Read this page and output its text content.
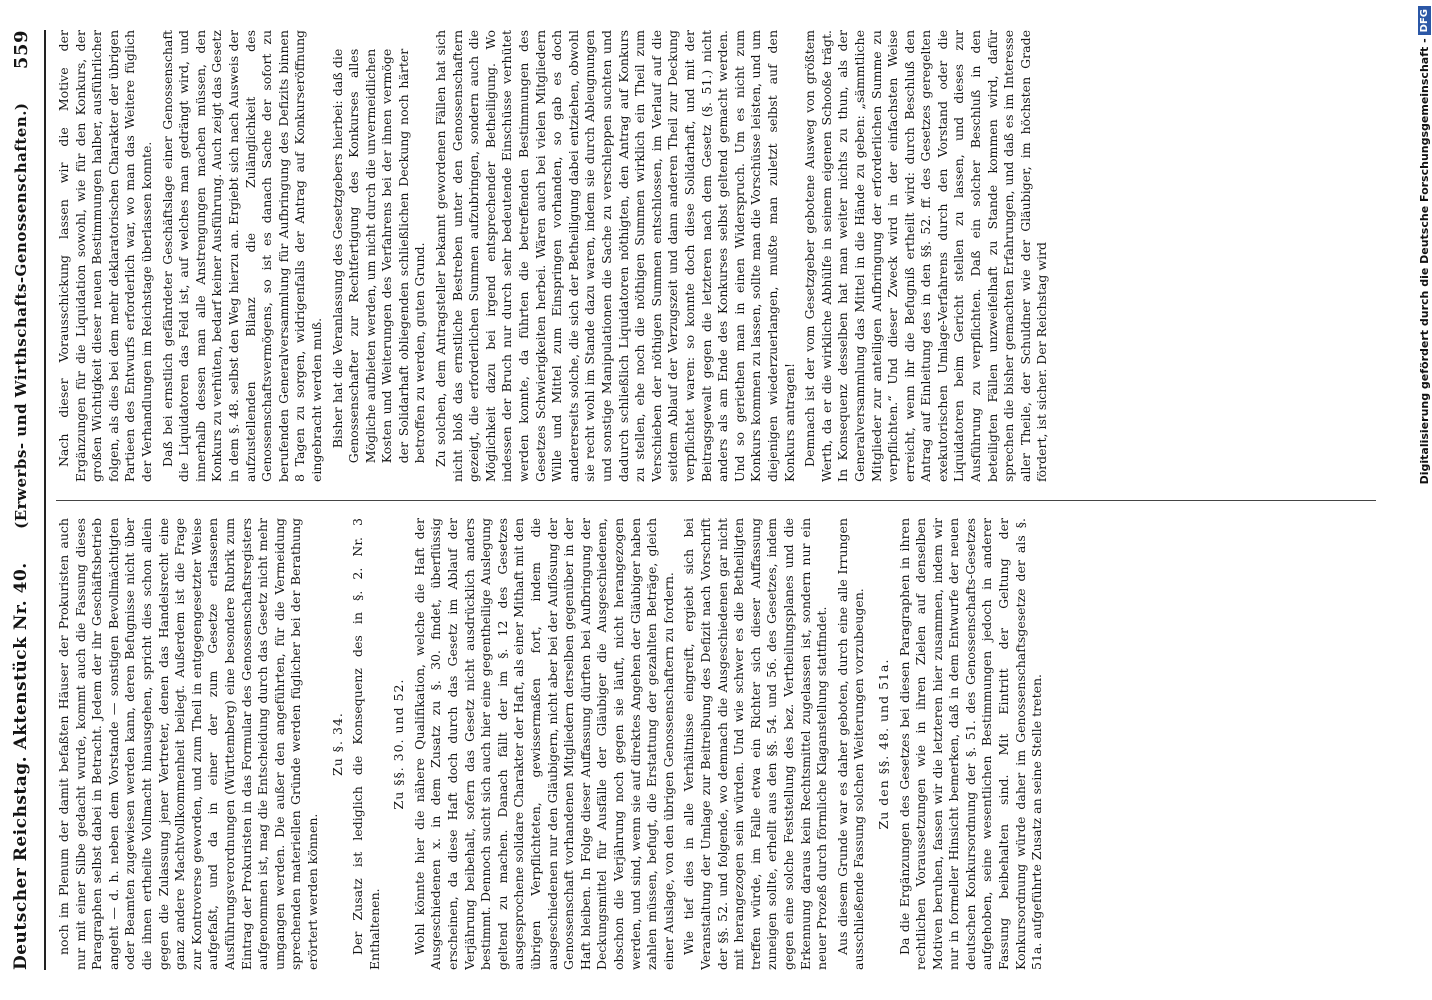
Deutscher Reichstag. Aktenstück Nr. 40.
(Erwerbs- und Wirthschafts-Genossenschaften.)
559

noch im Plenum der damit befaßten Häuser der Prokuristen auch nur mit einer Silbe gedacht wurde, kommt auch die Fassung dieses Paragraphen selbst dabei in Betracht. Jedem der ihr Geschäftsbetrieb angeht — d. h. neben dem Vorstande — sonstigen Bevollmächtigten oder Beamten zugewiesen werden kann, deren Befugnisse nicht über die ihnen ertheilte Vollmacht hinausgehen, spricht dies schon allein gegen die Zulassung jener Vertreter, denen das Handelsrecht eine ganz andere Machtvollkommenheit beilegt. Außerdem ist die Frage zur Kontroverse geworden, und zum Theil in entgegengesetzter Weise aufgefaßt, und da in einer der zum Gesetze erlassenen Ausführungsverordnungen (Württemberg) eine besondere Rubrik zum Eintrag der Prokuristen in das Formular des Genossenschaftsregisters aufgenommen ist, mag die Entscheidung durch das Gesetz nicht mehr umgangen werden. Die außer den angeführten, für die Vermeidung sprechenden materiellen Gründe werden füglicher bei der Berathung erörtert werden können.

Zu §. 34. Der Zusatz ist lediglich die Konsequenz des in §. 2. Nr. 3 Enthaltenen.

Zu §§. 30. und 52. Wohl könnte hier die nähere Qualifikation, welche die Haft der Ausgeschiedenen x. in dem Zusatz zu §. 30. findet, überflüssig erscheinen, da diese Haft doch durch das Gesetz im Ablauf der Verjährung beibehalt, sofern das Gesetz nicht ausdrücklich anders bestimmt. Dennoch sucht sich auch hier eine gegentheilige Auslegung geltend zu machen. Danach fällt der im §. 12 des Gesetzes ausgesprochene solidare Charakter der Haft, als einer Mithaft mit den übrigen Verpflichteten, gewissermaßen fort, indem die ausgeschiedenen nur den Gläubigern, nicht aber bei der Auflösung der Genossenschaft vorhandenen Mitgliedern derselben gegenüber in der Haft bleiben. In Folge dieser Auffassung dürften bei Aufbringung der Deckungsmittel für Ausfälle der Gläubiger die Ausgeschiedenen, obschon die Verjährung noch gegen sie läuft, nicht herangezogen werden, und sind, wenn sie auf direktes Angehen der Gläubiger haben zahlen müssen, befugt, die Erstattung der gezahlten Beträge, gleich einer Auslage, von den übrigen Genossenschaftern zu fordern. Wie tief dies in alle Verhältnisse eingreift, ergiebt sich bei Veranstaltung der Umlage zur Beitreibung des Defizit nach Vorschrift der §§. 52. und folgende, wo demnach die Ausgeschiedenen gar nicht mit herangezogen sein würden. Und wie schwer es die Betheiligten treffen würde, im Falle etwa ein Richter sich dieser Auffassung zuneigen sollte, erhellt aus den §§. 54. und 56. des Gesetzes, indem gegen eine solche Feststellung des bez. Vertheilungsplanes und die Erkennung daraus kein Rechtsmittel zugelassen ist, sondern nur ein neuer Prozeß durch förmliche Klaganstellung stattfindet. Aus diesem Grunde war es daher geboten, durch eine alle Irrungen ausschließende Fassung solchen Weiterungen vorzubeugen. Zu den §§. 48. und 51a. Da die Ergänzungen des Gesetzes bei diesen Paragraphen in ihren rechtlichen Voraussetzungen wie in ihren Zielen auf denselben Motiven beruhen, fassen wir die letzteren hier zusammen, indem wir nur in formeller Hinsicht bemerken, daß in dem Entwurfe der neuen deutschen Konkursordnung der §. 51. des Genossenschafts-Gesetzes aufgehoben, seine wesentlichen Bestimmungen jedoch in anderer Fassung beibehalten sind. Mit Eintritt der Geltung der Konkursordnung würde daher im Genossenschaftsgesetze der als §. 51a. aufgeführte Zusatz an seine Stelle treten.

Nach dieser Vorausschickung lassen wir die Motive der Ergänzungen für die Liquidation sowohl, wie für den Konkurs, der großen Wichtigkeit dieser neuen Bestimmungen halber, ausführlicher folgen, als dies bei dem mehr deklaratorischen Charakter der übrigen Partieen des Entwurfs erforderlich war, wo man das Weitere füglich der Verhandlungen im Reichstage überlassen konnte. Daß bei ernstlich gefährdeter Geschäftslage einer Genossenschaft die Liquidatoren das Feld ist, auf welches man gedrängt wird, und innerhalb dessen man alle Anstrengungen machen müssen, den Konkurs zu verhüten, bedarf keiner Ausführung. Auch zeigt das Gesetz in dem §. 48. selbst den Weg hierzu an. Ergiebt sich nach Ausweis der aufzustellenden Bilanz die Zulänglichkeit des Genossenschaftsvermögens, so ist es danach Sache der sofort zu berufenden Generalversammlung für Aufbringung des Defizits binnen 8 Tagen zu sorgen, widrigenfalls der Antrag auf Konkurseröffnung eingebracht werden muß. Bisher hat die Veranlassung des Gesetzgebers hierbei: daß die Genossenschafter zur Rechtfertigung des Konkurses alles Mögliche aufbieten werden, um nicht durch die unvermeidlichen Kosten und Weiterungen des Verfahrens bei der ihnen vermöge der Solidarhaft obliegenden schließlichen Deckung noch härter betroffen zu werden, guten Grund. Zu solchen, dem Antragsteller bekannt gewordenen Fällen hat sich nicht bloß das ernstliche Bestreben unter den Genossenschaftern gezeigt, die erforderlichen Summen aufzubringen, sondern auch die Möglichkeit dazu bei irgend entsprechender Betheiligung. Wo indessen der Bruch nur durch sehr bedeutende Einschüsse verhütet werden konnte, da führten die betreffenden Bestimmungen des Gesetzes Schwierigkeiten herbei. Wären auch bei vielen Mitgliedern Wille und Mittel zum Einspringen vorhanden, so gab es doch andererseits solche, die sich der Betheiligung dabei entziehen, obwohl sie recht wohl im Stande dazu waren, indem sie durch Ableugnungen und sonstige Manipulationen die Sache zu verschleppen suchten und dadurch schließlich Liquidatoren nöthigten, den Antrag auf Konkurs zu stellen, ehe noch die nöthigen Summen wirklich ein Theil zum Verschieben der nöthigen Summen entschlossen, im Verlauf auf die seitdem Ablauf der Verzugszeit und dann anderen Theil zur Deckung verpflichtet waren: so konnte doch diese Solidarhaft, und mit der Beitragsgewalt gegen die letzteren nach dem Gesetz (§. 51.) nicht anders als am Ende des Konkurses selbst geltend gemacht werden. Und so geriethen man in einen Widerspruch. Um es nicht zum Konkurs kommen zu lassen, sollte man die Vorschüsse leisten, und um diejenigen wiederzuerlangen, mußte man zuletzt selbst auf den Konkurs antragen! Demnach ist der vom Gesetzgeber gebotene Ausweg von größtem Werth, da er die wirkliche Abhülfe in seinem eigenen Schooße trägt. In Konsequenz desselben hat man weiter nichts zu thun, als der Generalversammlung das Mittel in die Hände zu geben: „sämmtliche Mitglieder zur anteiligen Aufbringung der erforderlichen Summe zu verpflichten.“ Und dieser Zweck wird in der einfachsten Weise erreicht, wenn ihr die Befugniß ertheilt wird: durch Beschluß den Antrag auf Einleitung des in den §§. 52. ff. des Gesetzes geregelten exekutorischen Umlage-Verfahrens durch den Vorstand oder die Liquidatoren beim Gericht stellen zu lassen, und dieses zur Ausführung zu verpflichten. Daß ein solcher Beschluß in den beteiligten Fällen unzweifelhaft zu Stande kommen wird, dafür sprechen die bisher gemachten Erfahrungen, und daß es im Interesse aller Theile, der Schuldner wie der Gläubiger, im höchsten Grade fördert, ist sicher. Der Reichstag wird	Digitalisierung gefördert durch die Deutsche Forschungsgemeinschaft -
DFG
